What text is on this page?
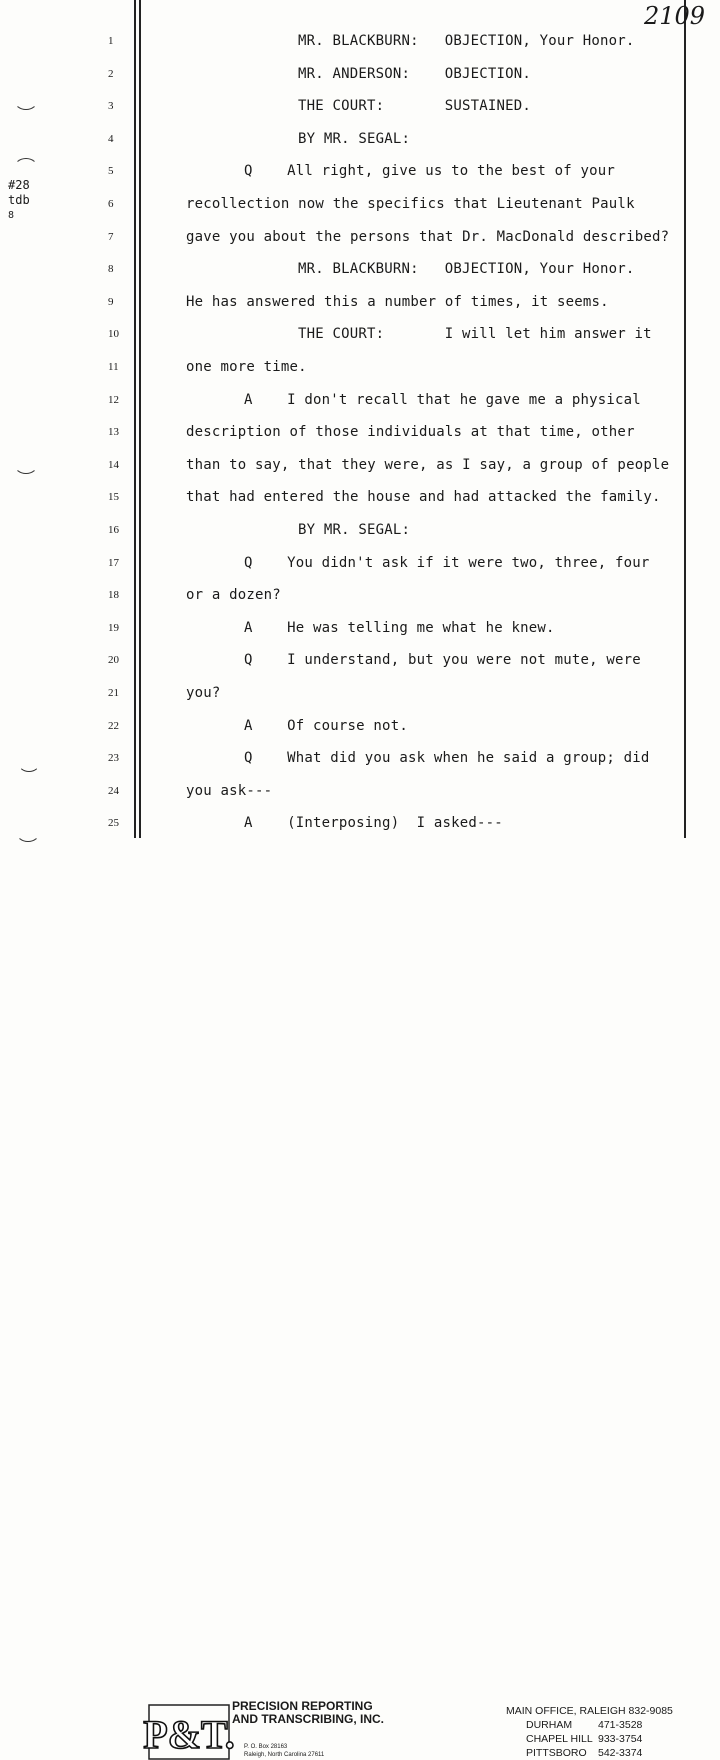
2109
#28
tdb
8
1	MR. BLACKBURN:   OBJECTION, Your Honor.
2	MR. ANDERSON:    OBJECTION.
3	THE COURT:       SUSTAINED.
4	BY MR. SEGAL:
5	Q    All right, give us to the best of your
6	recollection now the specifics that Lieutenant Paulk
7	gave you about the persons that Dr. MacDonald described?
8	MR. BLACKBURN:   OBJECTION, Your Honor.
9	He has answered this a number of times, it seems.
10	THE COURT:       I will let him answer it
11	one more time.
12	A    I don't recall that he gave me a physical
13	description of those individuals at that time, other
14	than to say, that they were, as I say, a group of people
15	that had entered the house and had attacked the family.
16	BY MR. SEGAL:
17	Q    You didn't ask if it were two, three, four
18	or a dozen?
19	A    He was telling me what he knew.
20	Q    I understand, but you were not mute, were
21	you?
22	A    Of course not.
23	Q    What did you ask when he said a group; did
24	you ask---
25	A    (Interposing)  I asked---
P&T.
PRECISION REPORTING
AND TRANSCRIBING, INC.
P. O. Box 28163
Raleigh, North Carolina 27611
MAIN OFFICE, RALEIGH 832-9085
DURHAM 471-3528
CHAPEL HILL 933-3754
PITTSBORO 542-3374
